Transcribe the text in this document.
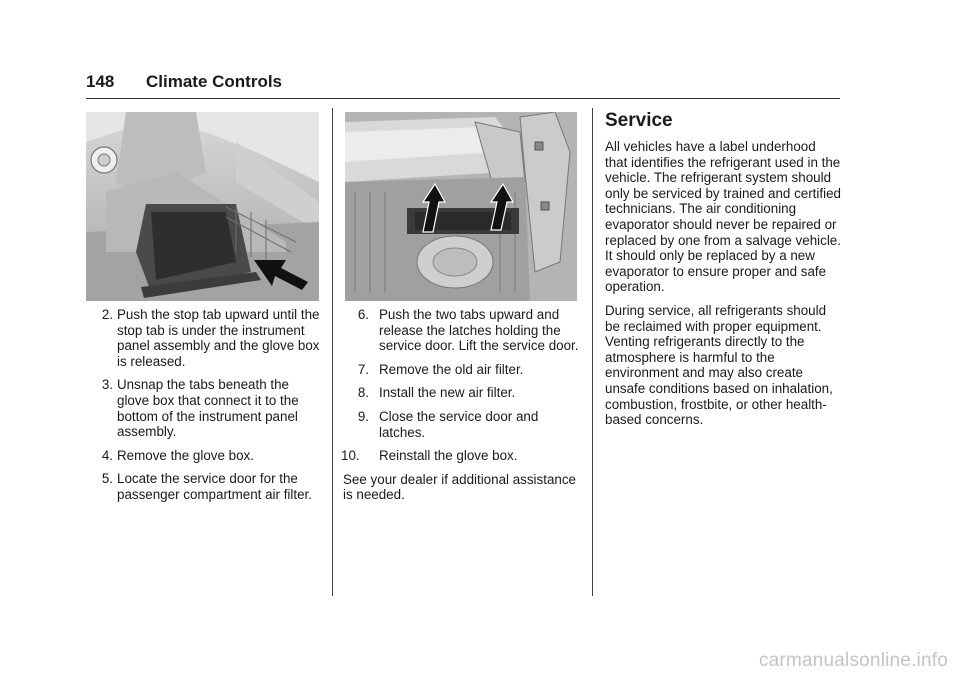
148 Climate Controls
2. Push the stop tab upward until the stop tab is under the instrument panel assembly and the glove box is released.
3. Unsnap the tabs beneath the glove box that connect it to the bottom of the instrument panel assembly.
4. Remove the glove box.
5. Locate the service door for the passenger compartment air filter.
6. Push the two tabs upward and release the latches holding the service door. Lift the service door.
7. Remove the old air filter.
8. Install the new air filter.
9. Close the service door and latches.
10.	Reinstall the glove box.

See your dealer if additional assistance is needed.

Service

All vehicles have a label underhood that identifies the refrigerant used in the vehicle. The refrigerant system should only be serviced by trained and certified technicians. The air conditioning evaporator should never be repaired or replaced by one from a salvage vehicle. It should only be replaced by a new evaporator to ensure proper and safe operation.

During service, all refrigerants should be reclaimed with proper equipment. Venting refrigerants directly to the atmosphere is harmful to the environment and may also create unsafe conditions based on inhalation, combustion, frostbite, or other health-based concerns.

carmanualsonline.info
